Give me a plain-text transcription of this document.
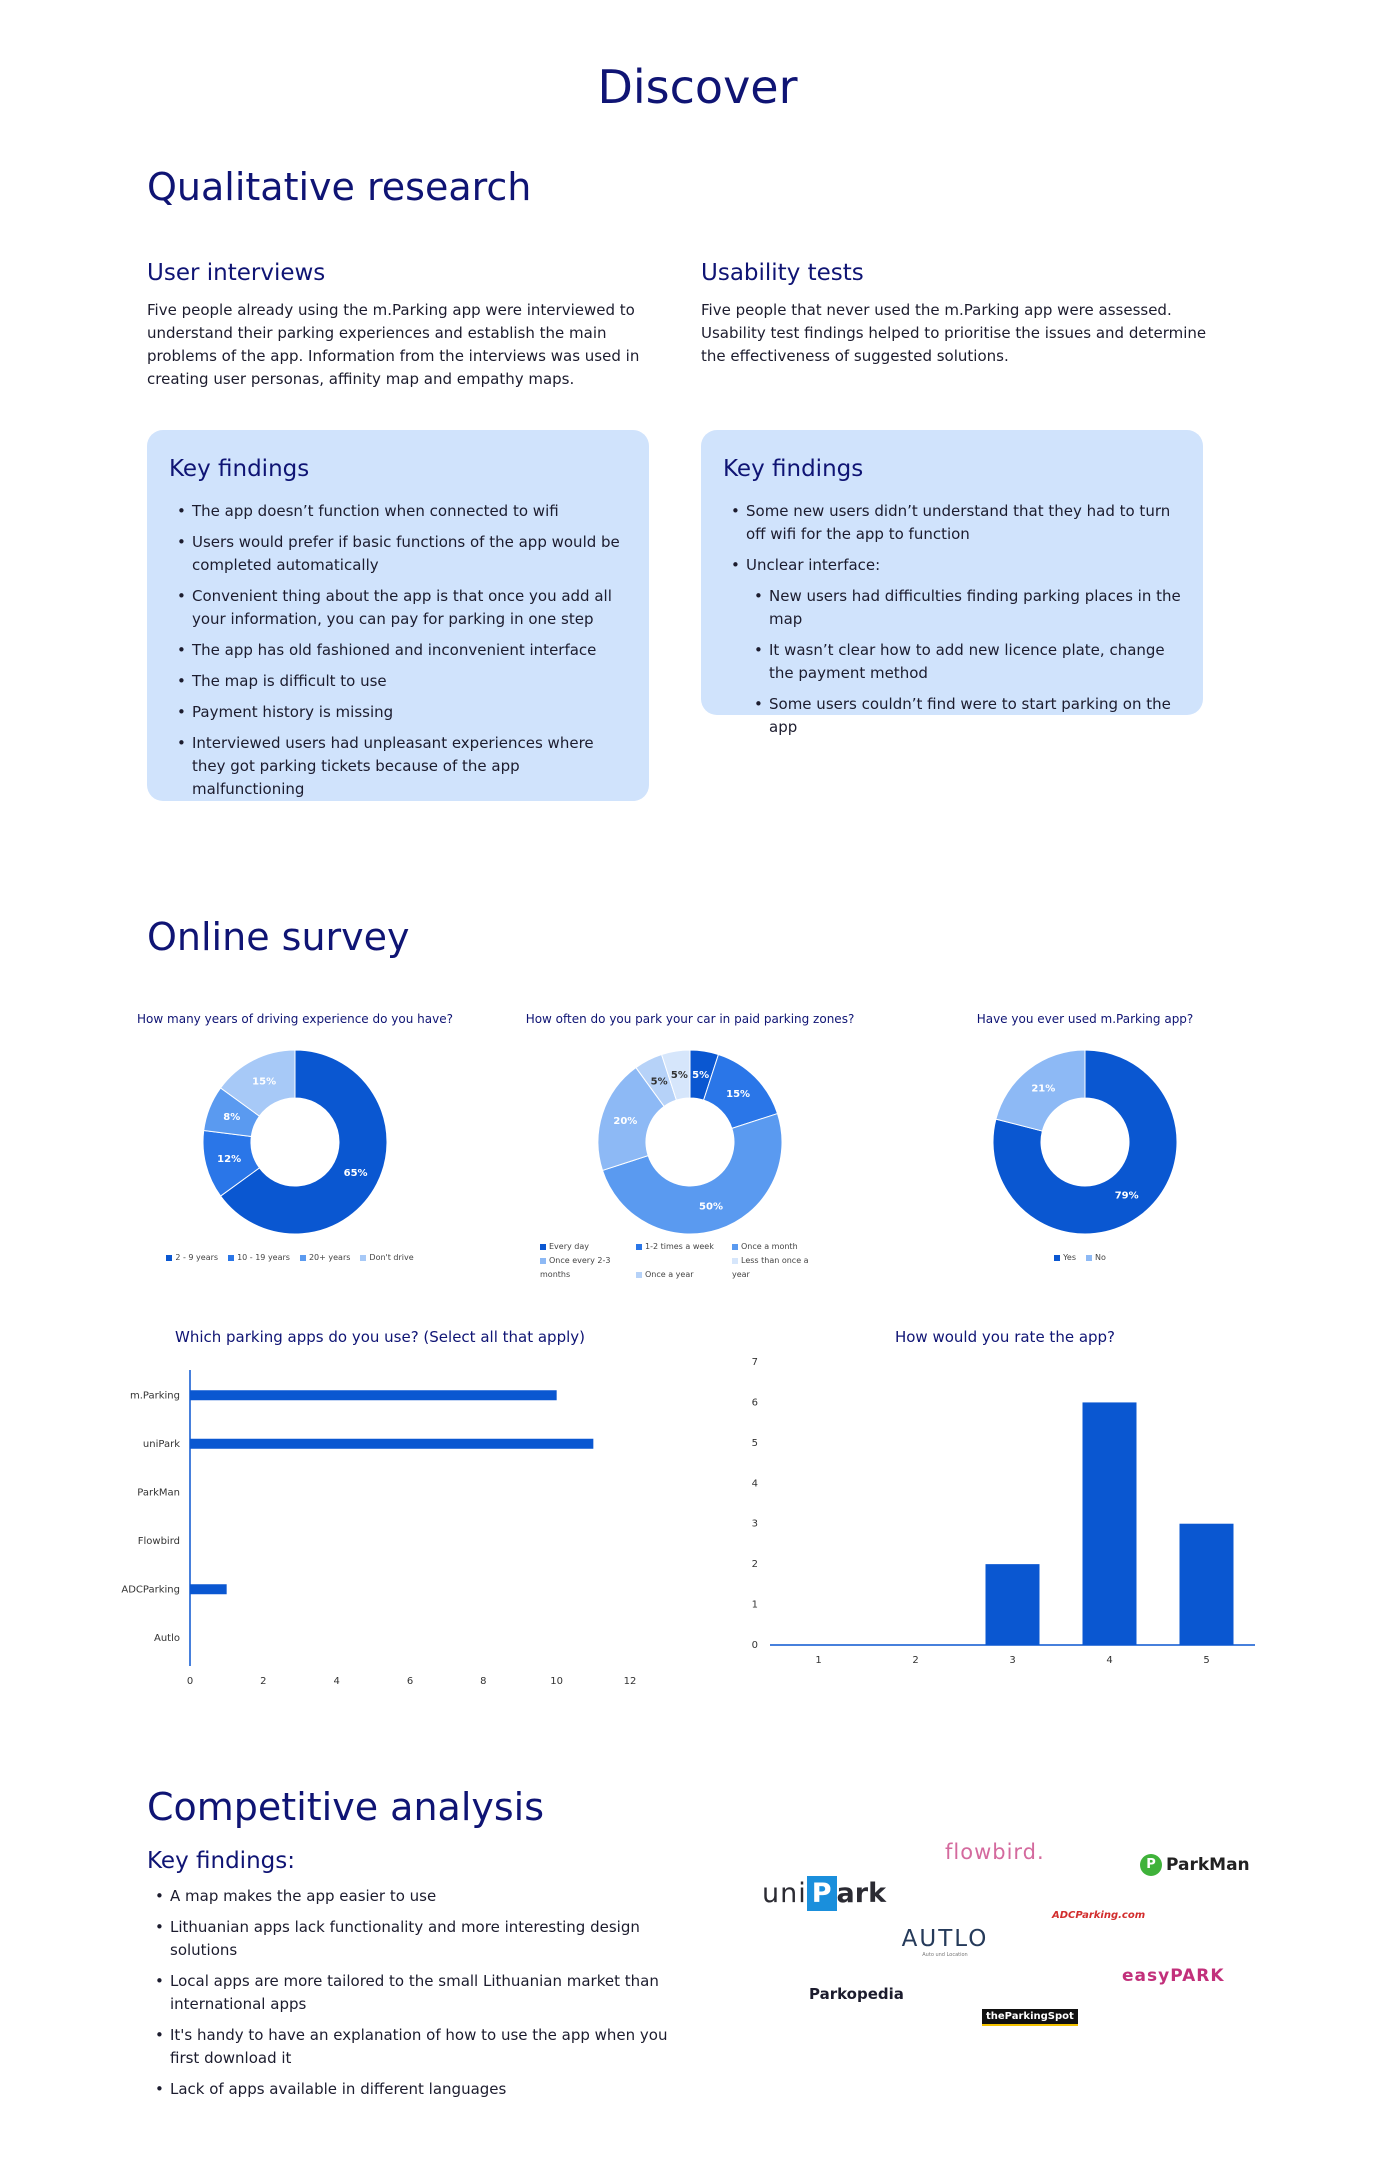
Discover
Qualitative research
User interviews
Five people already using the m.Parking app were interviewed to understand their parking experiences and establish the main problems of the app. Information from the interviews was used in creating user personas, affinity map and empathy maps.
Usability tests
Five people that never used the m.Parking app were assessed. Usability test findings helped to prioritise the issues and determine the effectiveness of suggested solutions.
Key findings
• The app doesn’t function when connected to wifi
• Users would prefer if basic functions of the app would be completed automatically
• Convenient thing about the app is that once you add all your information, you can pay for parking in one step
• The app has old fashioned and inconvenient interface
• The map is difficult to use
• Payment history is missing
• Interviewed users had unpleasant experiences where they got parking tickets because of the app malfunctioning
Key findings
• Some new users didn’t understand that they had to turn off wifi for the app to function
• Unclear interface:
• New users had difficulties finding parking places in the map
• It wasn’t clear how to add new licence plate, change the payment method
• Some users couldn’t find were to start parking on the app
Online survey
How many years of driving experience do you have?
65%
12%
8%
15%
2 - 9 years 10 - 19 years 20+ years Don't drive
How often do you park your car in paid parking zones?
5%
15%
50%
20%
5%
5%
Every day	1-2 times a week	Once a monthOnce every 2-3 months	Once a yearLess than once a year
Have you ever used m.Parking app?
79%
21%
Yes No
Which parking apps do you use? (Select all that apply)
m.Parking
uniPark
ParkMan
Flowbird
ADCParking
Autlo
0	2	4	6	8	10	12
How would you rate the app?
0
1
2
3
4
5
6
7
1	2	3	4	5
Competitive analysis
Key findings:
• A map makes the app easier to use
• Lithuanian apps lack functionality and more interesting design solutions
• Local apps are more tailored to the small Lithuanian market than international apps
• It's handy to have an explanation of how to use the app when you first download it
• Lack of apps available in different languages
flowbird.
P ParkMan
uni P ark
ADCParking.com
AUTLO
Auto und Location
easyPARK
Parkopedia
theParkingSpot
